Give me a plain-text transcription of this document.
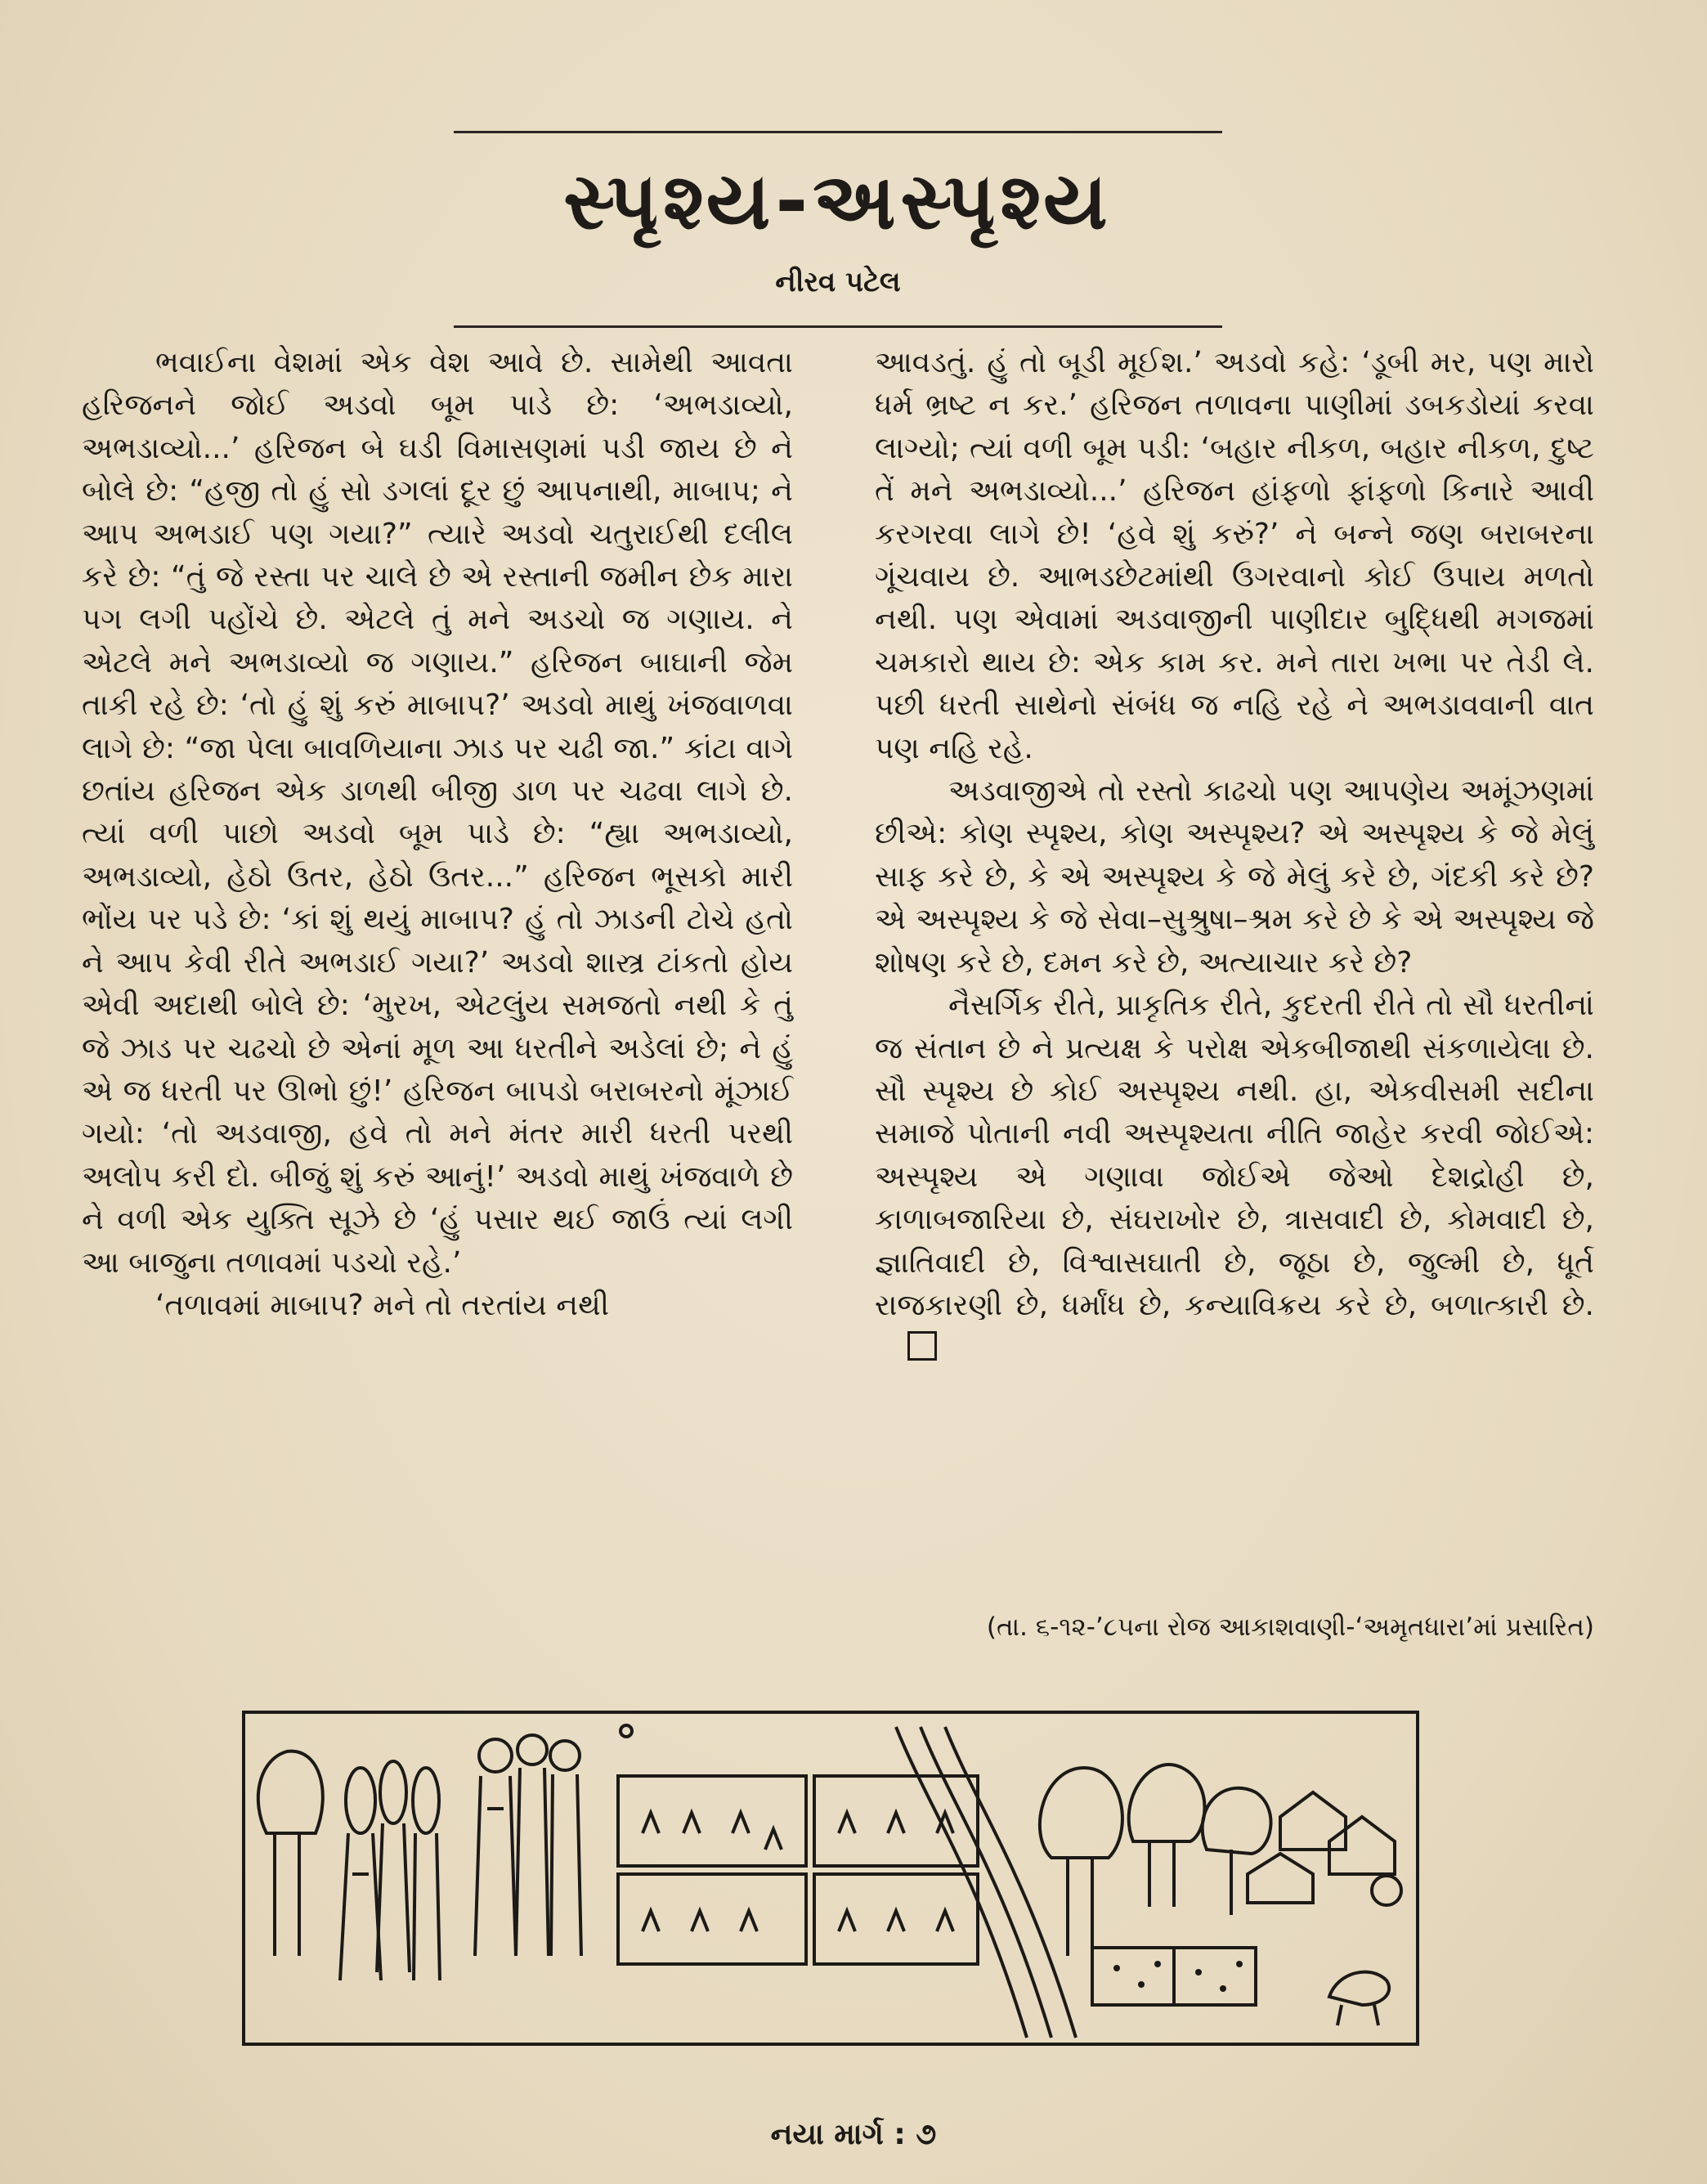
સ્પૃશ્ય-અસ્પૃશ્ય
નીરવ પટેલ

ભવાઈના વેશમાં એક વેશ આવે છે. સામેથી આવતા હરિજનને જોઈ અડવો બૂમ પાડે છે: ‘અભડાવ્યો, અભડાવ્યો...’ હરિજન બે ઘડી વિમાસણમાં પડી જાય છે ને બોલે છે: “હજી તો હું સો ડગલાં દૂર છું આપનાથી, માબાપ; ને આપ અભડાઈ પણ ગયા?” ત્યારે અડવો ચતુરાઈથી દલીલ કરે છે: “તું જે રસ્તા પર ચાલે છે એ રસ્તાની જમીન છેક મારા પગ લગી પહોંચે છે. એટલે તું મને અડચો જ ગણાય. ને એટલે મને અભડાવ્યો જ ગણાય.” હરિજન બાઘાની જેમ તાકી રહે છે: ‘તો હું શું કરું માબાપ?’ અડવો માથું ખંજવાળવા લાગે છે: “જા પેલા બાવળિયાના ઝાડ પર ચઢી જા.” કાંટા વાગે છતાંય હરિજન એક ડાળથી બીજી ડાળ પર ચઢવા લાગે છે. ત્યાં વળી પાછો અડવો બૂમ પાડે છે: “હ્યા અભડાવ્યો, અભડાવ્યો, હેઠો ઉતર, હેઠો ઉતર...” હરિજન ભૂસકો મારી ભોંય પર પડે છે: ‘કાં શું થયું માબાપ? હું તો ઝાડની ટોચે હતો ને આપ કેવી રીતે અભડાઈ ગયા?’ અડવો શાસ્ત્ર ટાંકતો હોય એવી અદાથી બોલે છે: ‘મુરખ, એટલુંય સમજતો નથી કે તું જે ઝાડ પર ચઢચો છે એનાં મૂળ આ ધરતીને અડેલાં છે; ને હું એ જ ધરતી પર ઊભો છું!’ હરિજન બાપડો બરાબરનો મૂંઝાઈ ગયો: ‘તો અડવાજી, હવે તો મને મંતર મારી ધરતી પરથી અલોપ કરી દો. બીજું શું કરું આનું!’ અડવો માથું ખંજવાળે છે ને વળી એક યુક્તિ સૂઝે છે ‘હું પસાર થઈ જાઉં ત્યાં લગી આ બાજુના તળાવમાં પડચો રહે.’

‘તળાવમાં માબાપ? મને તો તરતાંય નથી

આવડતું. હું તો બૂડી મૂઈશ.’ અડવો કહે: ‘ડૂબી મર, પણ મારો ધર્મ ભ્રષ્ટ ન કર.’ હરિજન તળાવના પાણીમાં ડબકડોયાં કરવા લાગ્યો; ત્યાં વળી બૂમ પડી: ‘બહાર નીકળ, બહાર નીકળ, દુષ્ટ તેં મને અભડાવ્યો...’ હરિજન હાંફળો ફાંફળો કિનારે આવી કરગરવા લાગે છે! ‘હવે શું કરું?’ ને બન્ને જણ બરાબરના ગૂંચવાય છે. આભડછેટમાંથી ઉગરવાનો કોઈ ઉપાય મળતો નથી. પણ એવામાં અડવાજીની પાણીદાર બુદ્ધિથી મગજમાં ચમકારો થાય છે: એક કામ કર. મને તારા ખભા પર તેડી લે. પછી ધરતી સાથેનો સંબંધ જ નહિ રહે ને અભડાવવાની વાત પણ નહિ રહે.

અડવાજીએ તો રસ્તો કાઢચો પણ આપણેય અમૂંઝણમાં છીએ: કોણ સ્પૃશ્ય, કોણ અસ્પૃશ્ય? એ અસ્પૃશ્ય કે જે મેલું સાફ કરે છે, કે એ અસ્પૃશ્ય કે જે મેલું કરે છે, ગંદકી કરે છે? એ અસ્પૃશ્ય કે જે સેવા–સુશ્રુષા–શ્રમ કરે છે કે એ અસ્પૃશ્ય જે શોષણ કરે છે, દમન કરે છે, અત્યાચાર કરે છે?

નૈસર્ગિક રીતે, પ્રાકૃતિક રીતે, કુદરતી રીતે તો સૌ ધરતીનાં જ સંતાન છે ને પ્રત્યક્ષ કે પરોક્ષ એકબીજાથી સંકળાયેલા છે. સૌ સ્પૃશ્ય છે કોઈ અસ્પૃશ્ય નથી. હા, એકવીસમી સદીના સમાજે પોતાની નવી અસ્પૃશ્યતા નીતિ જાહેર કરવી જોઈએ: અસ્પૃશ્ય એ ગણાવા જોઈએ જેઓ દેશદ્રોહી છે, કાળાબજારિયા છે, સંઘરાખોર છે, ત્રાસવાદી છે, કોમવાદી છે, જ્ઞાતિવાદી છે, વિશ્વાસઘાતી છે, જૂઠા છે, જુલ્મી છે, ધૂર્ત રાજકારણી છે, ધર્માંધ છે, કન્યાવિક્રય કરે છે, બળાત્કારી છે.

(તા. ૬-૧૨-’૮૫ના રોજ આકાશવાણી-‘અમૃતધારા’માં પ્રસારિત)
નયા માર્ગ : ૭
